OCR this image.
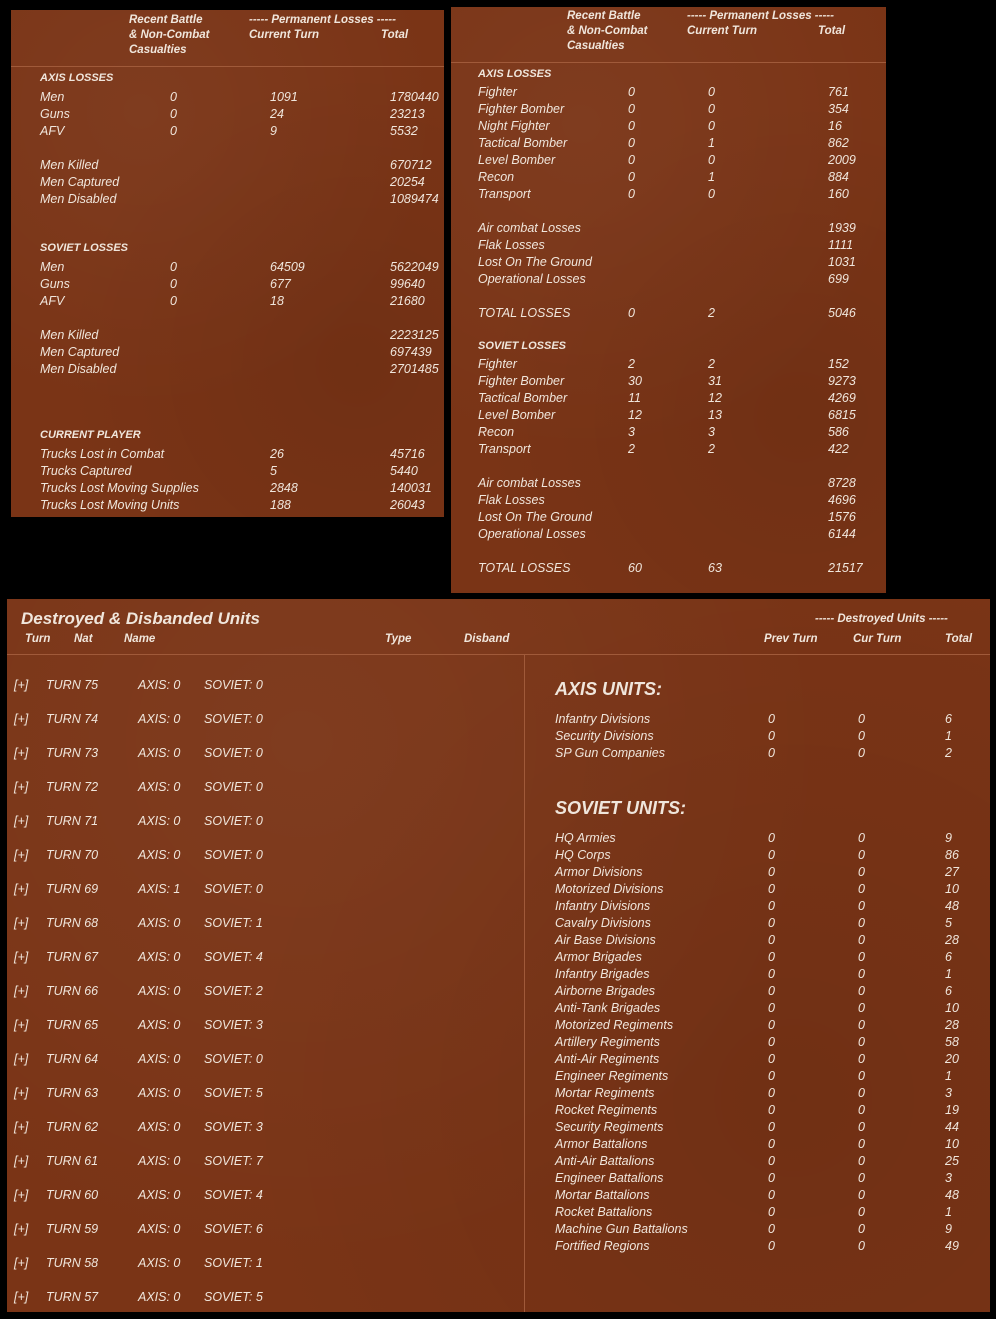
Recent Battle
& Non-Combat
Casualties
----- Permanent Losses -----
Current Turn	Total
AXIS LOSSES
Men	0	1091	1780440
Guns	0	24	23213
AFV	0	9	5532
Men Killed	670712
Men Captured	20254
Men Disabled	1089474
SOVIET LOSSES
Men	0	64509	5622049
Guns	0	677	99640
AFV	0	18	21680
Men Killed	2223125
Men Captured	697439
Men Disabled	2701485
CURRENT PLAYER
Trucks Lost in Combat	26	45716
Trucks Captured	5	5440
Trucks Lost Moving Supplies	2848	140031
Trucks Lost Moving Units	188	26043
Recent Battle
& Non-Combat
Casualties
----- Permanent Losses -----
Current Turn	Total
AXIS LOSSES
Fighter	0	0	761
Fighter Bomber	0	0	354
Night Fighter	0	0	16
Tactical Bomber	0	1	862
Level Bomber	0	0	2009
Recon	0	1	884
Transport	0	0	160
Air combat Losses	1939
Flak Losses	1111
Lost On The Ground	1031
Operational Losses	699
TOTAL LOSSES	0	2	5046
SOVIET LOSSES
Fighter	2	2	152
Fighter Bomber	30	31	9273
Tactical Bomber	11	12	4269
Level Bomber	12	13	6815
Recon	3	3	586
Transport	2	2	422
Air combat Losses	8728
Flak Losses	4696
Lost On The Ground	1576
Operational Losses	6144
TOTAL LOSSES	60	63	21517
Destroyed & Disbanded Units	----- Destroyed Units -----
Turn Nat	Name	Type	Disband	Prev Turn	Cur Turn	Total
[+] TURN 75	AXIS: 0 SOVIET: 0
[+] TURN 74	AXIS: 0 SOVIET: 0
[+] TURN 73	AXIS: 0 SOVIET: 0
[+] TURN 72	AXIS: 0 SOVIET: 0
[+] TURN 71	AXIS: 0 SOVIET: 0
[+] TURN 70	AXIS: 0 SOVIET: 0
[+] TURN 69	AXIS: 1 SOVIET: 0
[+] TURN 68	AXIS: 0 SOVIET: 1
[+] TURN 67	AXIS: 0 SOVIET: 4
[+] TURN 66	AXIS: 0 SOVIET: 2
[+] TURN 65	AXIS: 0 SOVIET: 3
[+] TURN 64	AXIS: 0 SOVIET: 0
[+] TURN 63	AXIS: 0 SOVIET: 5
[+] TURN 62	AXIS: 0 SOVIET: 3
[+] TURN 61	AXIS: 0 SOVIET: 7
[+] TURN 60	AXIS: 0 SOVIET: 4
[+] TURN 59	AXIS: 0 SOVIET: 6
[+] TURN 58	AXIS: 0 SOVIET: 1
[+] TURN 57	AXIS: 0 SOVIET: 5
AXIS UNITS:
Infantry Divisions	0	0	6
Security Divisions	0	0	1
SP Gun Companies	0	0	2
SOVIET UNITS:
HQ Armies	0	0	9
HQ Corps	0	0	86
Armor Divisions	0	0	27
Motorized Divisions	0	0	10
Infantry Divisions	0	0	48
Cavalry Divisions	0	0	5
Air Base Divisions	0	0	28
Armor Brigades	0	0	6
Infantry Brigades	0	0	1
Airborne Brigades	0	0	6
Anti-Tank Brigades	0	0	10
Motorized Regiments	0	0	28
Artillery Regiments	0	0	58
Anti-Air Regiments	0	0	20
Engineer Regiments	0	0	1
Mortar Regiments	0	0	3
Rocket Regiments	0	0	19
Security Regiments	0	0	44
Armor Battalions	0	0	10
Anti-Air Battalions	0	0	25
Engineer Battalions	0	0	3
Mortar Battalions	0	0	48
Rocket Battalions	0	0	1
Machine Gun Battalions	0	0	9
Fortified Regions	0	0	49
